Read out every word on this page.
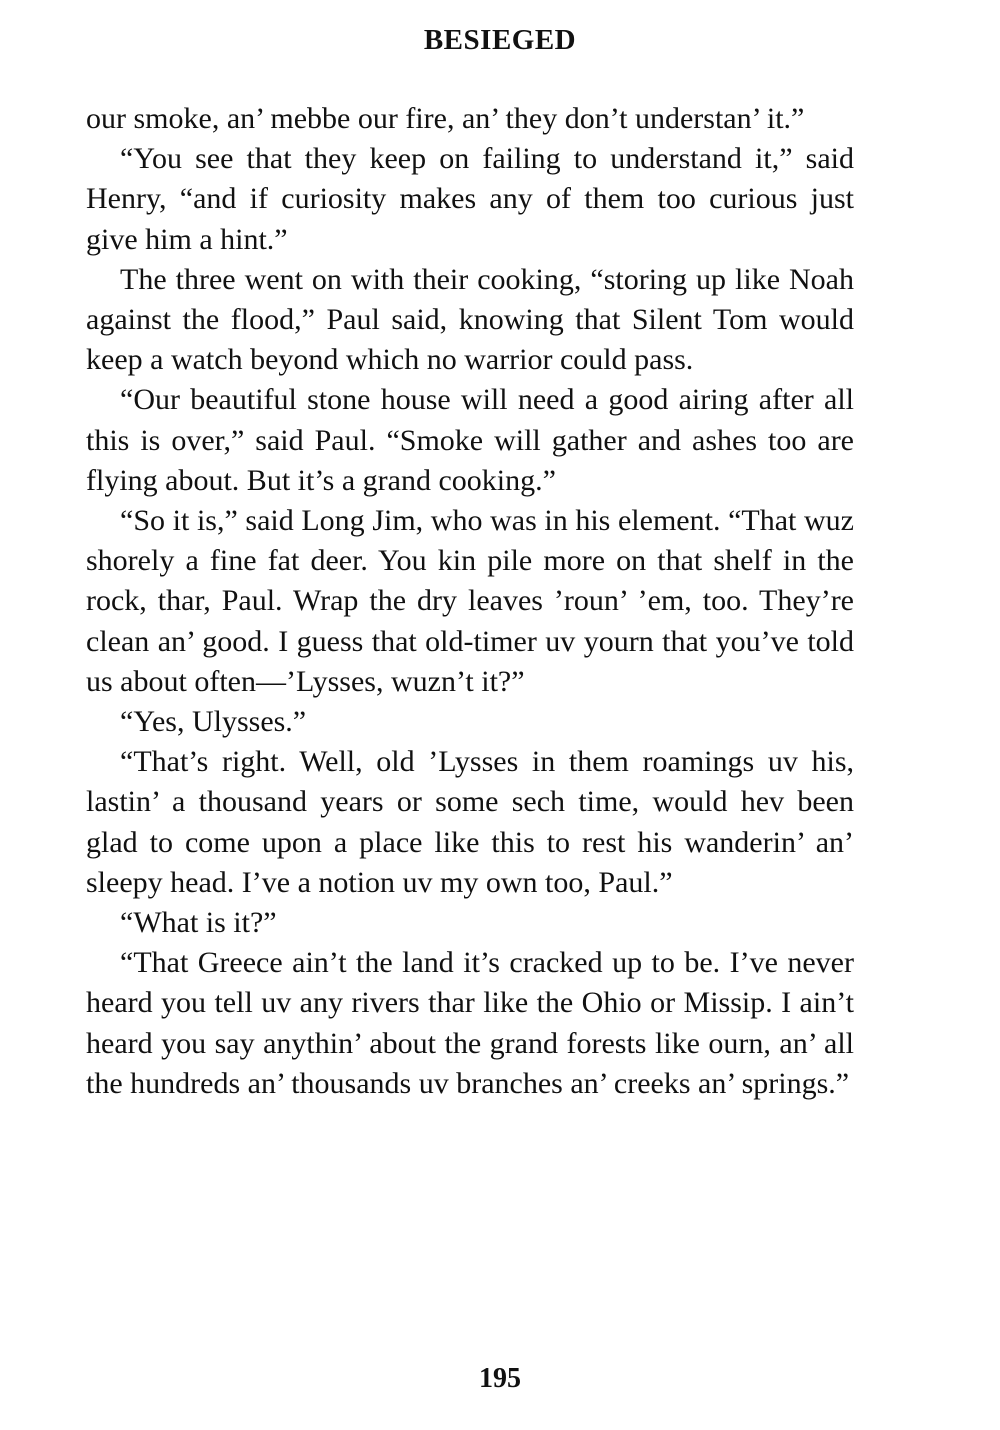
BESIEGED

our smoke, an’ mebbe our fire, an’ they don’t understan’ it.”

“You see that they keep on failing to understand it,” said Henry, “and if curiosity makes any of them too curious just give him a hint.”

The three went on with their cooking, “storing up like Noah against the flood,” Paul said, knowing that Silent Tom would keep a watch beyond which no warrior could pass.

“Our beautiful stone house will need a good airing after all this is over,” said Paul. “Smoke will gather and ashes too are flying about. But it’s a grand cooking.”

“So it is,” said Long Jim, who was in his element. “That wuz shorely a fine fat deer. You kin pile more on that shelf in the rock, thar, Paul. Wrap the dry leaves ’roun’ ’em, too. They’re clean an’ good. I guess that old-timer uv yourn that you’ve told us about often—’Lysses, wuzn’t it?”

“Yes, Ulysses.”

“That’s right. Well, old ’Lysses in them roamings uv his, lastin’ a thousand years or some sech time, would hev been glad to come upon a place like this to rest his wanderin’ an’ sleepy head. I’ve a notion uv my own too, Paul.”

“What is it?”

“That Greece ain’t the land it’s cracked up to be. I’ve never heard you tell uv any rivers thar like the Ohio or Missip. I ain’t heard you say anythin’ about the grand forests like ourn, an’ all the hundreds an’ thousands uv branches an’ creeks an’ springs.”

195
